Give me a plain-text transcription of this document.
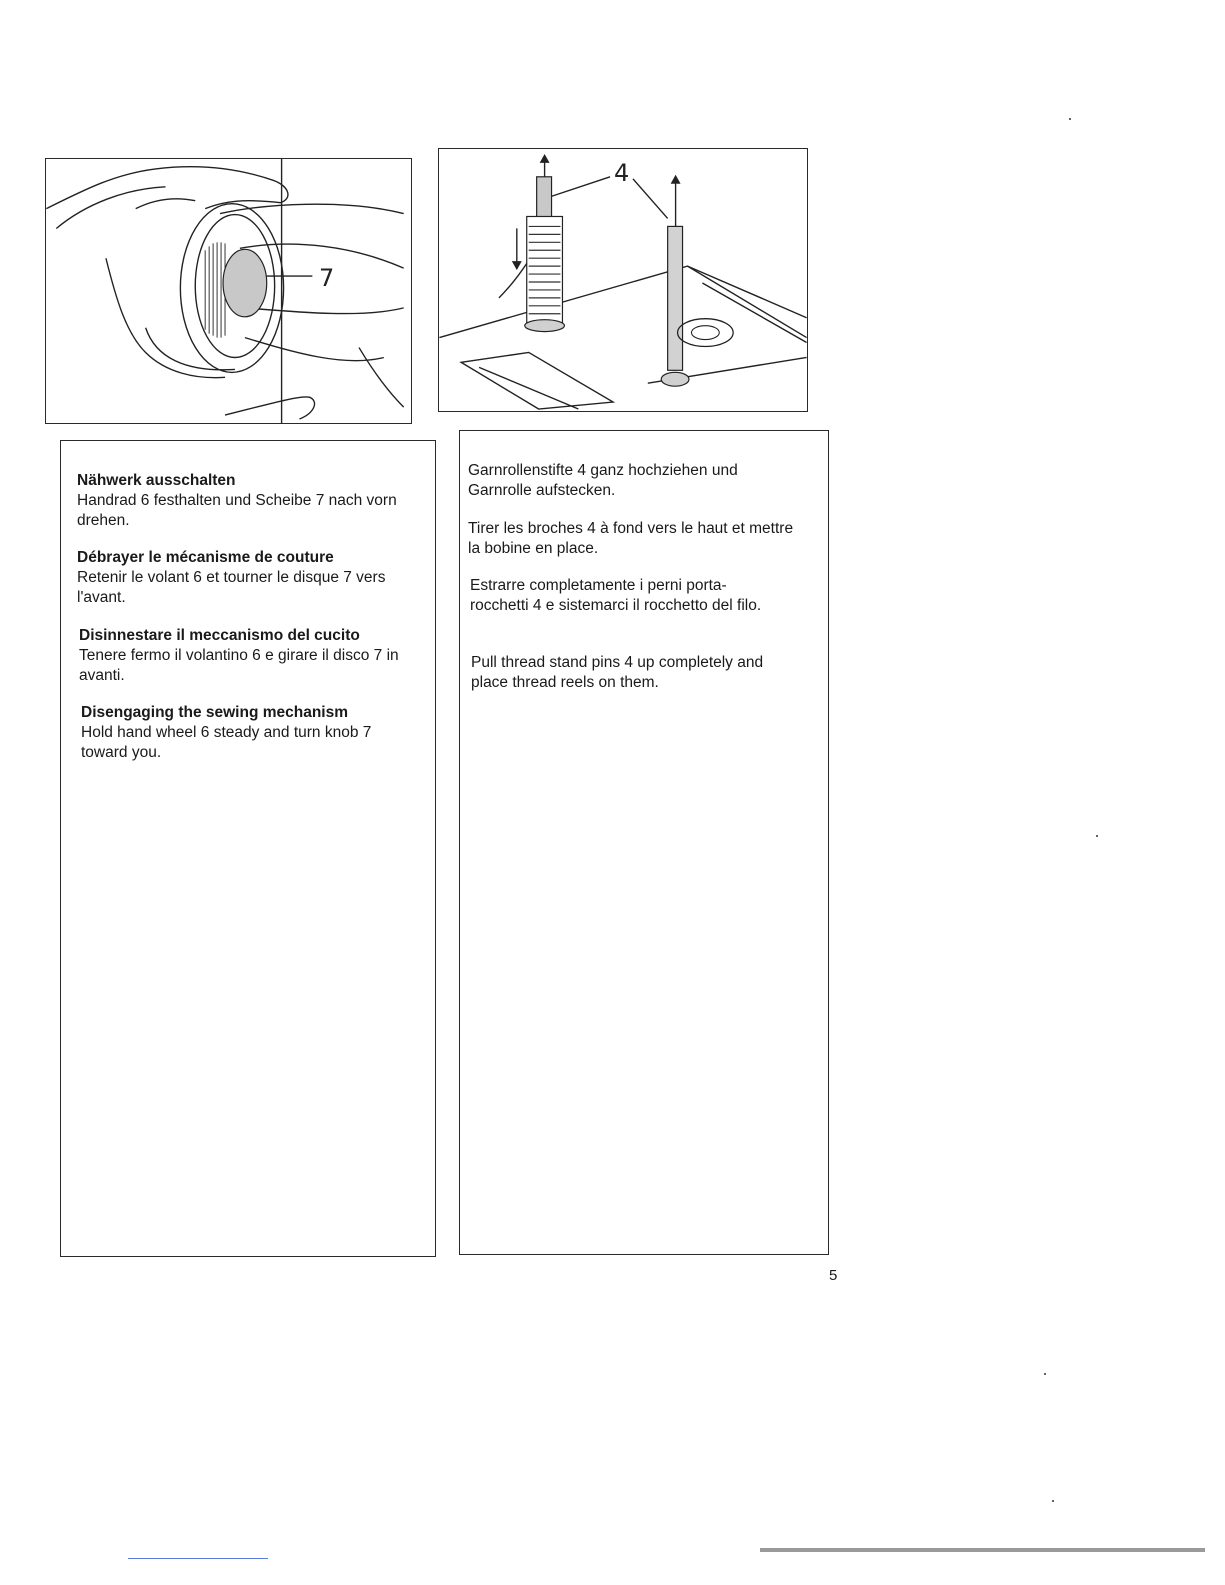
7
4
Nähwerk ausschalten

Handrad 6 festhalten und Scheibe 7 nach vorn drehen.

Débrayer le mécanisme de couture

Retenir le volant 6 et tourner le disque 7 vers l'avant.

Disinnestare il meccanismo del cucito

Tenere fermo il volantino 6 e girare il disco 7 in avanti.

Disengaging the sewing mechanism

Hold hand wheel 6 steady and turn knob 7 toward you.

Garnrollenstifte 4 ganz hochziehen und Garnrolle aufstecken.

Tirer les broches 4 à fond vers le haut et mettre la bobine en place.

Estrarre completamente i perni porta-rocchetti 4 e sistemarci il rocchetto del filo.

Pull thread stand pins 4 up completely and place thread reels on them.

5
